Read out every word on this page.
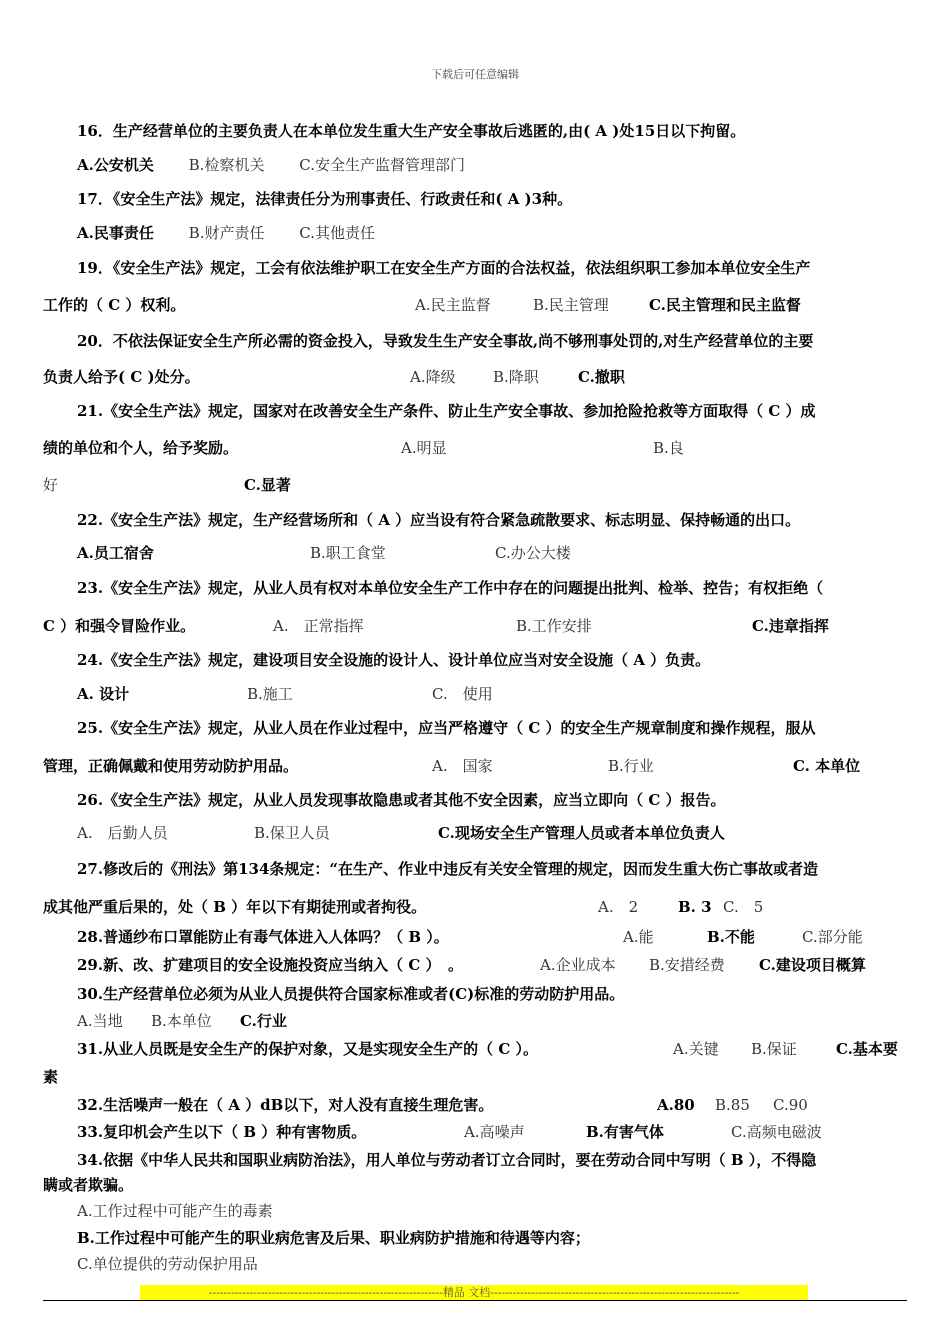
下载后可任意编辑
16．生产经营单位的主要负责人在本单位发生重大生产安全事故后逃匿的,由( A )处15日以下拘留。
A.公安机关 B.检察机关 C.安全生产监督管理部门
17．《安全生产法》规定，法律责任分为刑事责任、行政责任和( A )3种。
A.民事责任 B.财产责任 C.其他责任
19．《安全生产法》规定，工会有依法维护职工在安全生产方面的合法权益，依法组织职工参加本单位安全生产
工作的（ C ）权利。	A.民主监督	B.民主管理	C.民主管理和民主监督
20．不依法保证安全生产所必需的资金投入，导致发生生产安全事故,尚不够刑事处罚的,对生产经营单位的主要
负责人给予( C )处分。	A.降级 B.降职	C.撤职
21.《安全生产法》规定，国家对在改善安全生产条件、防止生产安全事故、参加抢险抢救等方面取得（ C ）成
绩的单位和个人，给予奖励。	A.明显	B.良
好	C.显著
22.《安全生产法》规定，生产经营场所和（ A ）应当设有符合紧急疏散要求、标志明显、保持畅通的出口。
A.员工宿舍	B.职工食堂	C.办公大楼
23.《安全生产法》规定，从业人员有权对本单位安全生产工作中存在的问题提出批判、检举、控告；有权拒绝（
C ）和强令冒险作业。	A.　正常指挥	B.工作安排	C.违章指挥
24.《安全生产法》规定，建设项目安全设施的设计人、设计单位应当对安全设施（ A ）负责。
A. 设计	B.施工	C.　使用
25.《安全生产法》规定，从业人员在作业过程中，应当严格遵守（ C ）的安全生产规章制度和操作规程，服从
管理，正确佩戴和使用劳动防护用品。	A.　国家	B.行业	C. 本单位
26.《安全生产法》规定，从业人员发现事故隐患或者其他不安全因素，应当立即向（ C ）报告。
A.　后勤人员	B.保卫人员	C.现场安全生产管理人员或者本单位负责人
27.修改后的《刑法》第134条规定：“在生产、作业中违反有关安全管理的规定，因而发生重大伤亡事故或者造
成其他严重后果的，处（ B ）年以下有期徒刑或者拘役。	A.　2	B. 3 C.　5
28.普通纱布口罩能防止有毒气体进入人体吗？（ B ）。	A.能	B.不能	C.部分能
29.新、改、扩建项目的安全设施投资应当纳入（ C ）　。	A.企业成本 B.安措经费 C.建设项目概算
30.生产经营单位必须为从业人员提供符合国家标准或者(C)标准的劳动防护用品。
A.当地 B.本单位 C.行业
31.从业人员既是安全生产的保护对象，又是实现安全生产的（ C ）。	A.关键 B.保证	C.基本要
素
32.生活噪声一般在（ A ）dB以下，对人没有直接生理危害。	A.80 B.85 C.90
33.复印机会产生以下（ B ）种有害物质。	A.高噪声	B.有害气体	C.高频电磁波
34.依据《中华人民共和国职业病防治法》，用人单位与劳动者订立合同时，要在劳动合同中写明（ B ），不得隐
瞒或者欺骗。
A.工作过程中可能产生的毒素
B.工作过程中可能产生的职业病危害及后果、职业病防护措施和待遇等内容；
C.单位提供的劳动保护用品
---------------------------------------------------------------精品 文档-------------------------------------------------------------------
